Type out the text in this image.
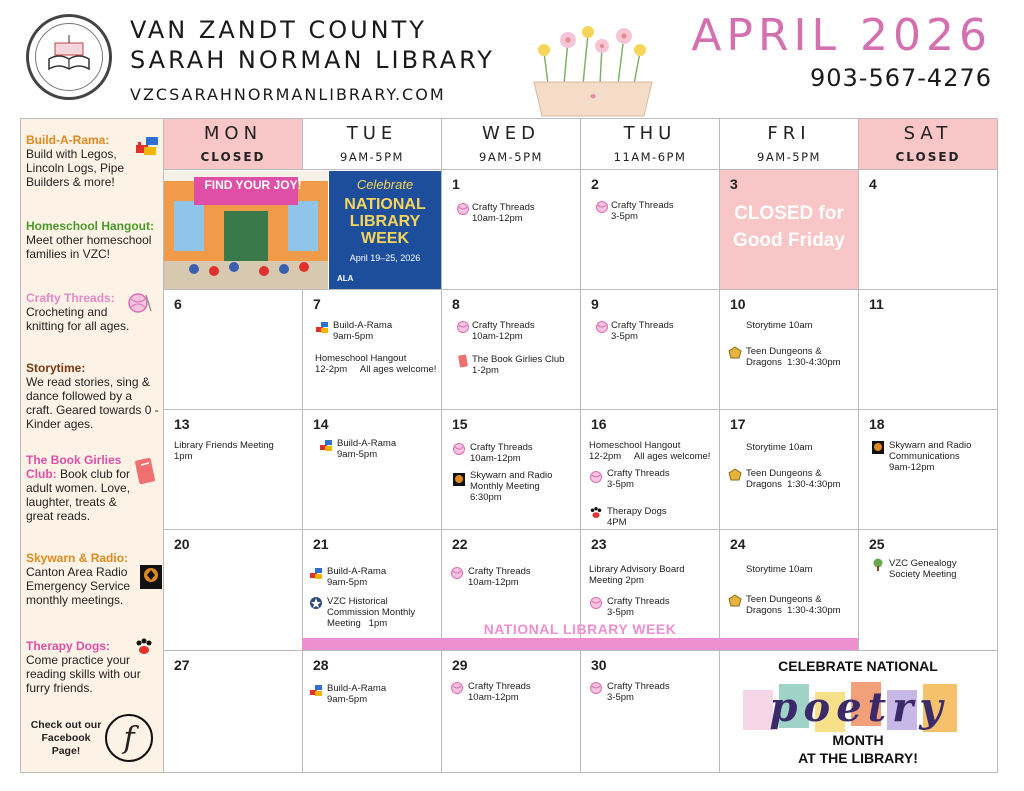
VAN ZANDT COUNTY
SARAH NORMAN LIBRARY
VZCSARAHNORMANLIBRARY.COM
APRIL 2026
903-567-4276
Build-A-Rama:
Build with Legos, Lincoln Logs, Pipe Builders & more!
Homeschool Hangout:
Meet other homeschool families in VZC!
Crafty Threads:
Crocheting and knitting for all ages.
Storytime:
We read stories, sing & dance followed by a craft. Geared towards 0 - Kinder ages.
The Book Girlies Club: Book club for adult women. Love, laughter, treats & great reads.
Skywarn & Radio:
Canton Area Radio Emergency Service monthly meetings.
Therapy Dogs:
Come practice your reading skills with our furry friends.
Check out our Facebook Page!	f
MON
CLOSED
TUE
9AM-5PM
WED
9AM-5PM
THU
11AM-6PM
FRI
9AM-5PM
SAT
CLOSED
FIND YOUR JOY!	Celebrate
NATIONAL LIBRARY WEEK
April 19–25, 2026
ALA
1
Crafty Threads
10am-12pm
2
Crafty Threads
3-5pm
3
CLOSED for Good Friday
4
6	7
Build-A-Rama
9am-5pm
Homeschool Hangout
12-2pm     All ages welcome!
8
Crafty Threads
10am-12pm
The Book Girlies Club
1-2pm
9
Crafty Threads
3-5pm
10
Storytime 10am
Teen Dungeons &
Dragons  1:30-4:30pm
11
13
Library Friends Meeting
1pm
14
Build-A-Rama
9am-5pm
15
Crafty Threads
10am-12pm
Skywarn and Radio
Monthly Meeting
6:30pm
16
Homeschool Hangout
12-2pm     All ages welcome!
Crafty Threads
3-5pm
Therapy Dogs
4PM
17
Storytime 10am
Teen Dungeons &
Dragons  1:30-4:30pm
18
Skywarn and Radio
Communications
9am-12pm
20	21
Build-A-Rama
9am-5pm
VZC Historical
Commission Monthly
Meeting   1pm
22
Crafty Threads
10am-12pm
23
Library Advisory Board
Meeting 2pm
Crafty Threads
3-5pm
24
Storytime 10am
Teen Dungeons &
Dragons  1:30-4:30pm
25
VZC Genealogy
Society Meeting
NATIONAL LIBRARY WEEK
27	28
Build-A-Rama
9am-5pm
29
Crafty Threads
10am-12pm
30
Crafty Threads
3-5pm
CELEBRATE NATIONAL
poetry
MONTH
AT THE LIBRARY!
